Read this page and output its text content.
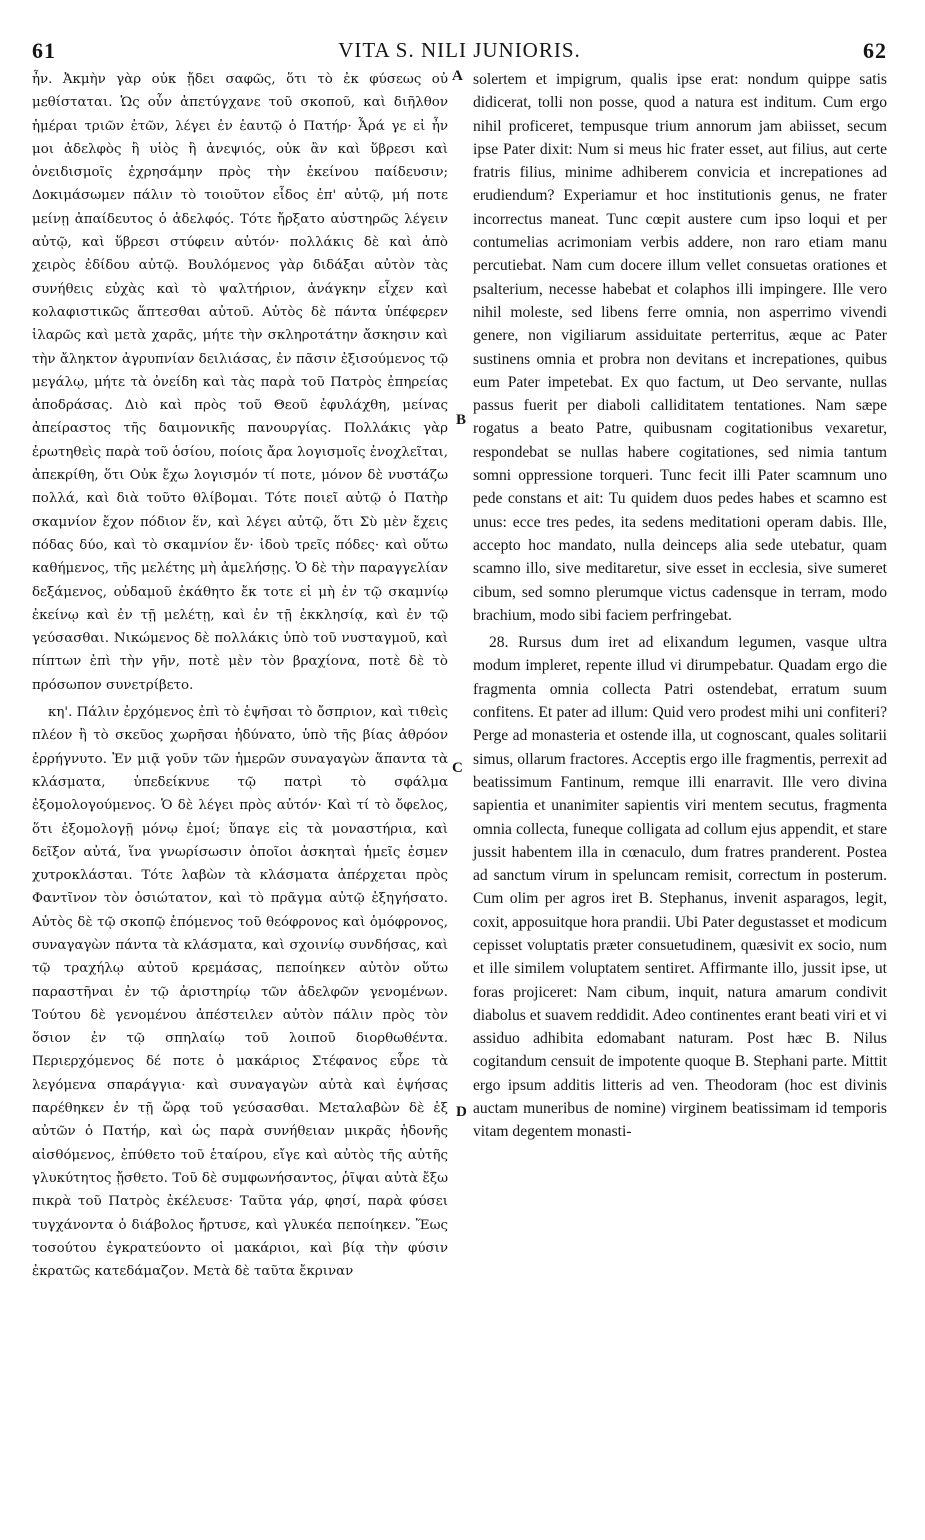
61	VITA S. NILI JUNIORIS.	62

ἦν. Ἀκμὴν γὰρ οὐκ ᾔδει σαφῶς, ὅτι τὸ ἐκ φύσεως οὐ μεθίσταται. Ὡς οὖν ἀπετύγχανε τοῦ σκοποῦ, καὶ διῆλθον ἡμέραι τριῶν ἐτῶν, λέγει ἐν ἑαυτῷ ὁ Πατήρ· Ἆρά γε εἰ ἦν μοι ἀδελφὸς ἢ υἱὸς ἢ ἀνεψιός, οὐκ ἂν καὶ ὕβρεσι καὶ ὀνειδισμοῖς ἐχρησάμην πρὸς τὴν ἐκείνου παίδευσιν; Δοκιμάσωμεν πάλιν τὸ τοιοῦτον εἶδος ἐπ' αὐτῷ, μή ποτε μείνῃ ἀπαίδευτος ὁ ἀδελφός. Τότε ἤρξατο αὐστηρῶς λέγειν αὐτῷ, καὶ ὕβρεσι στύφειν αὐτόν· πολλάκις δὲ καὶ ἀπὸ χειρὸς ἐδίδου αὐτῷ. Βουλόμενος γὰρ διδάξαι αὐτὸν τὰς συνήθεις εὐχὰς καὶ τὸ ψαλτήριον, ἀνάγκην εἶχεν καὶ κολαφιστικῶς ἅπτεσθαι αὐτοῦ. Αὐτὸς δὲ πάντα ὑπέφερεν ἱλαρῶς καὶ μετὰ χαρᾶς, μήτε τὴν σκληροτάτην ἄσκησιν καὶ τὴν ἄληκτον ἀγρυπνίαν δειλιάσας, ἐν πᾶσιν ἐξισούμενος τῷ μεγάλῳ, μήτε τὰ ὀνείδη καὶ τὰς παρὰ τοῦ Πατρὸς ἐπηρείας ἀποδράσας. Διὸ καὶ πρὸς τοῦ Θεοῦ ἐφυλάχθη, μείνας ἀπείραστος τῆς δαιμονικῆς πανουργίας. Πολλάκις γὰρ ἐρωτηθεὶς παρὰ τοῦ ὁσίου, ποίοις ἄρα λογισμοῖς ἐνοχλεῖται, ἀπεκρίθη, ὅτι Οὐκ ἔχω λογισμόν τί ποτε, μόνον δὲ νυστάζω πολλά, καὶ διὰ τοῦτο θλίβομαι. Τότε ποιεῖ αὐτῷ ὁ Πατὴρ σκαμνίον ἔχον πόδιον ἕν, καὶ λέγει αὐτῷ, ὅτι Σὺ μὲν ἔχεις πόδας δύο, καὶ τὸ σκαμνίον ἕν· ἰδοὺ τρεῖς πόδες· καὶ οὕτω καθήμενος, τῆς μελέτης μὴ ἀμελήσῃς. Ὁ δὲ τὴν παραγγελίαν δεξάμενος, οὐδαμοῦ ἐκάθητο ἔκ τοτε εἰ μὴ ἐν τῷ σκαμνίῳ ἐκείνῳ καὶ ἐν τῇ μελέτῃ, καὶ ἐν τῇ ἐκκλησίᾳ, καὶ ἐν τῷ γεύσασθαι. Νικώμενος δὲ πολλάκις ὑπὸ τοῦ νυσταγμοῦ, καὶ πίπτων ἐπὶ τὴν γῆν, ποτὲ μὲν τὸν βραχίονα, ποτὲ δὲ τὸ πρόσωπον συνετρίβετο.

κη'. Πάλιν ἐρχόμενος ἐπὶ τὸ ἑψῆσαι τὸ ὄσπριον, καὶ τιθεὶς πλέον ἢ τὸ σκεῦος χωρῆσαι ἠδύνατο, ὑπὸ τῆς βίας ἀθρόον ἐρρήγνυτο. Ἐν μιᾷ γοῦν τῶν ἡμερῶν συναγαγὼν ἅπαντα τὰ κλάσματα, ὑπεδείκνυε τῷ πατρὶ τὸ σφάλμα ἐξομολογούμενος. Ὁ δὲ λέγει πρὸς αὐτόν· Καὶ τί τὸ ὄφελος, ὅτι ἐξομολογῇ μόνῳ ἐμοί; ὕπαγε εἰς τὰ μοναστήρια, καὶ δεῖξον αὐτά, ἵνα γνωρίσωσιν ὁποῖοι ἀσκηταὶ ἡμεῖς ἐσμεν χυτροκλάσται. Τότε λαβὼν τὰ κλάσματα ἀπέρχεται πρὸς Φαντῖνον τὸν ὁσιώτατον, καὶ τὸ πρᾶγμα αὐτῷ ἐξηγήσατο. Αὐτὸς δὲ τῷ σκοπῷ ἑπόμενος τοῦ θεόφρονος καὶ ὁμόφρονος, συναγαγὼν πάντα τὰ κλάσματα, καὶ σχοινίῳ συνδήσας, καὶ τῷ τραχήλῳ αὐτοῦ κρεμάσας, πεποίηκεν αὐτὸν οὕτω παραστῆναι ἐν τῷ ἀριστηρίῳ τῶν ἀδελφῶν γενομένων. Τούτου δὲ γενομένου ἀπέστειλεν αὐτὸν πάλιν πρὸς τὸν ὅσιον ἐν τῷ σπηλαίῳ τοῦ λοιποῦ διορθωθέντα. Περιερχόμενος δέ ποτε ὁ μακάριος Στέφανος εὗρε τὰ λεγόμενα σπαράγγια· καὶ συναγαγὼν αὐτὰ καὶ ἑψήσας παρέθηκεν ἐν τῇ ὥρᾳ τοῦ γεύσασθαι. Μεταλαβὼν δὲ ἐξ αὐτῶν ὁ Πατήρ, καὶ ὡς παρὰ συνήθειαν μικρᾶς ἡδονῆς αἰσθόμενος, ἐπύθετο τοῦ ἑταίρου, εἴγε καὶ αὐτὸς τῆς αὐτῆς γλυκύτητος ᾔσθετο. Τοῦ δὲ συμφωνήσαντος, ῥῖψαι αὐτὰ ἔξω πικρὰ τοῦ Πατρὸς ἐκέλευσε· Ταῦτα γάρ, φησί, παρὰ φύσει τυγχάνοντα ὁ διάβολος ἤρτυσε, καὶ γλυκέα πεποίηκεν. Ἕως τοσούτου ἐγκρατεύοντο οἱ μακάριοι, καὶ βίᾳ τὴν φύσιν ἐκρατῶς κατεδάμαζον. Μετὰ δὲ ταῦτα ἔκριναν

A
B
C
D

solertem et impigrum, qualis ipse erat: nondum quippe satis didicerat, tolli non posse, quod a natura est inditum. Cum ergo nihil proficeret, tempusque trium annorum jam abiisset, secum ipse Pater dixit: Num si meus hic frater esset, aut filius, aut certe fratris filius, minime adhiberem convicia et increpationes ad erudiendum? Experiamur et hoc institutionis genus, ne frater incorrectus maneat. Tunc cœpit austere cum ipso loqui et per contumelias acrimoniam verbis addere, non raro etiam manu percutiebat. Nam cum docere illum vellet consuetas orationes et psalterium, necesse habebat et colaphos illi impingere. Ille vero nihil moleste, sed libens ferre omnia, non asperrimo vivendi genere, non vigiliarum assiduitate perterritus, æque ac Pater sustinens omnia et probra non devitans et increpationes, quibus eum Pater impetebat. Ex quo factum, ut Deo servante, nullas passus fuerit per diaboli calliditatem tentationes. Nam sæpe rogatus a beato Patre, quibusnam cogitationibus vexaretur, respondebat se nullas habere cogitationes, sed nimia tantum somni oppressione torqueri. Tunc fecit illi Pater scamnum uno pede constans et ait: Tu quidem duos pedes habes et scamno est unus: ecce tres pedes, ita sedens meditationi operam dabis. Ille, accepto hoc mandato, nulla deinceps alia sede utebatur, quam scamno illo, sive meditaretur, sive esset in ecclesia, sive sumeret cibum, sed somno plerumque victus cadensque in terram, modo brachium, modo sibi faciem perfringebat.

28. Rursus dum iret ad elixandum legumen, vasque ultra modum impleret, repente illud vi dirumpebatur. Quadam ergo die fragmenta omnia collecta Patri ostendebat, erratum suum confitens. Et pater ad illum: Quid vero prodest mihi uni confiteri? Perge ad monasteria et ostende illa, ut cognoscant, quales solitarii simus, ollarum fractores. Acceptis ergo ille fragmentis, perrexit ad beatissimum Fantinum, remque illi enarravit. Ille vero divina sapientia et unanimiter sapientis viri mentem secutus, fragmenta omnia collecta, funeque colligata ad collum ejus appendit, et stare jussit habentem illa in cœnaculo, dum fratres pranderent. Postea ad sanctum virum in speluncam remisit, correctum in posterum. Cum olim per agros iret B. Stephanus, invenit asparagos, legit, coxit, apposuitque hora prandii. Ubi Pater degustasset et modicum cepisset voluptatis præter consuetudinem, quæsivit ex socio, num et ille similem voluptatem sentiret. Affirmante illo, jussit ipse, ut foras projiceret: Nam cibum, inquit, natura amarum condivit diabolus et suavem reddidit. Adeo continentes erant beati viri et vi assiduo adhibita edomabant naturam. Post hæc B. Nilus cogitandum censuit de impotente quoque B. Stephani parte. Mittit ergo ipsum additis litteris ad ven. Theodoram (hoc est divinis auctam muneribus de nomine) virginem beatissimam id temporis vitam degentem monasti-
